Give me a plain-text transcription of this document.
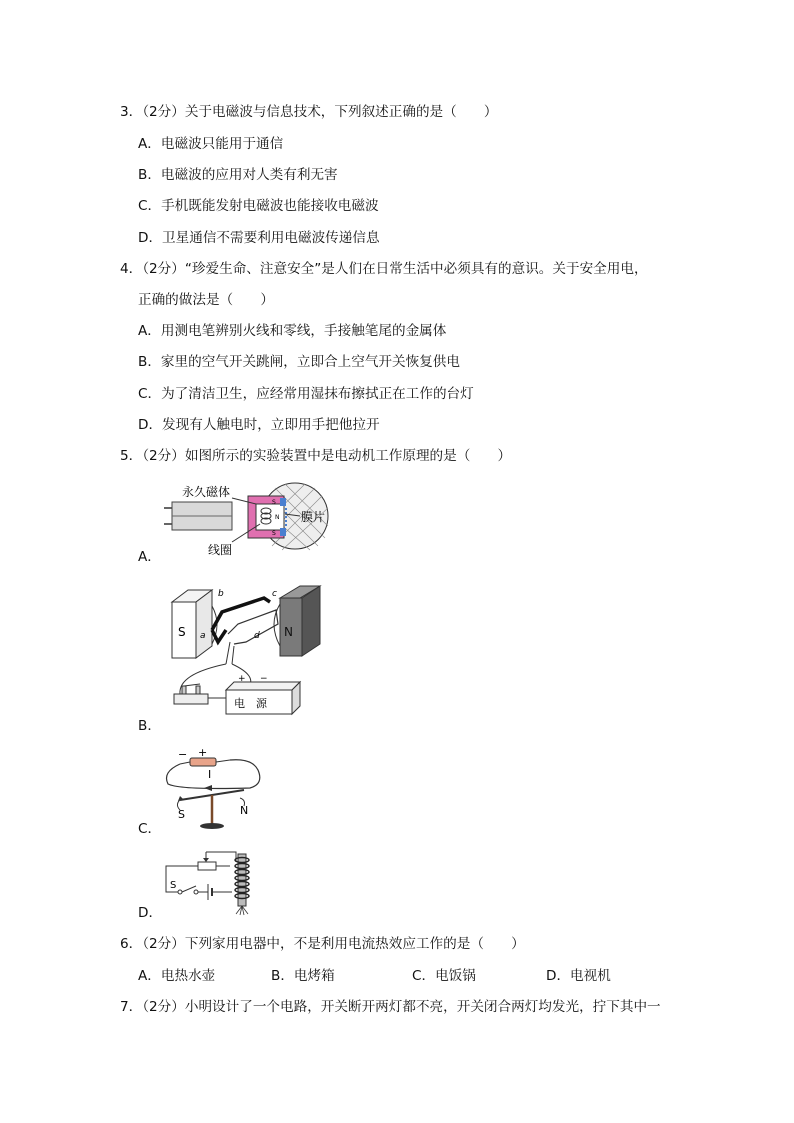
3．（2分）关于电磁波与信息技术，下列叙述正确的是（　　）
A．电磁波只能用于通信
B．电磁波的应用对人类有利无害
C．手机既能发射电磁波也能接收电磁波
D．卫星通信不需要利用电磁波传递信息
4．（2分）“珍爱生命、注意安全”是人们在日常生活中必须具有的意识。关于安全用电，
正确的做法是（　　）
A．用测电笔辨别火线和零线，手接触笔尾的金属体
B．家里的空气开关跳闸，立即合上空气开关恢复供电
C．为了清洁卫生，应经常用湿抹布擦拭正在工作的台灯
D．发现有人触电时，立即用手把他拉开
5．（2分）如图所示的实验装置中是电动机工作原理的是（　　）
永久磁体
膜片
线圈
S
N
S
A．
S	N
a
b	c
d
+ −
电　源
B．
− +
I
S	N
C．
S
D．
6．（2分）下列家用电器中，不是利用电流热效应工作的是（　　）
A．电热水壶	B．电烤箱	C．电饭锅	D．电视机
7．（2分）小明设计了一个电路，开关断开两灯都不亮，开关闭合两灯均发光，拧下其中一
